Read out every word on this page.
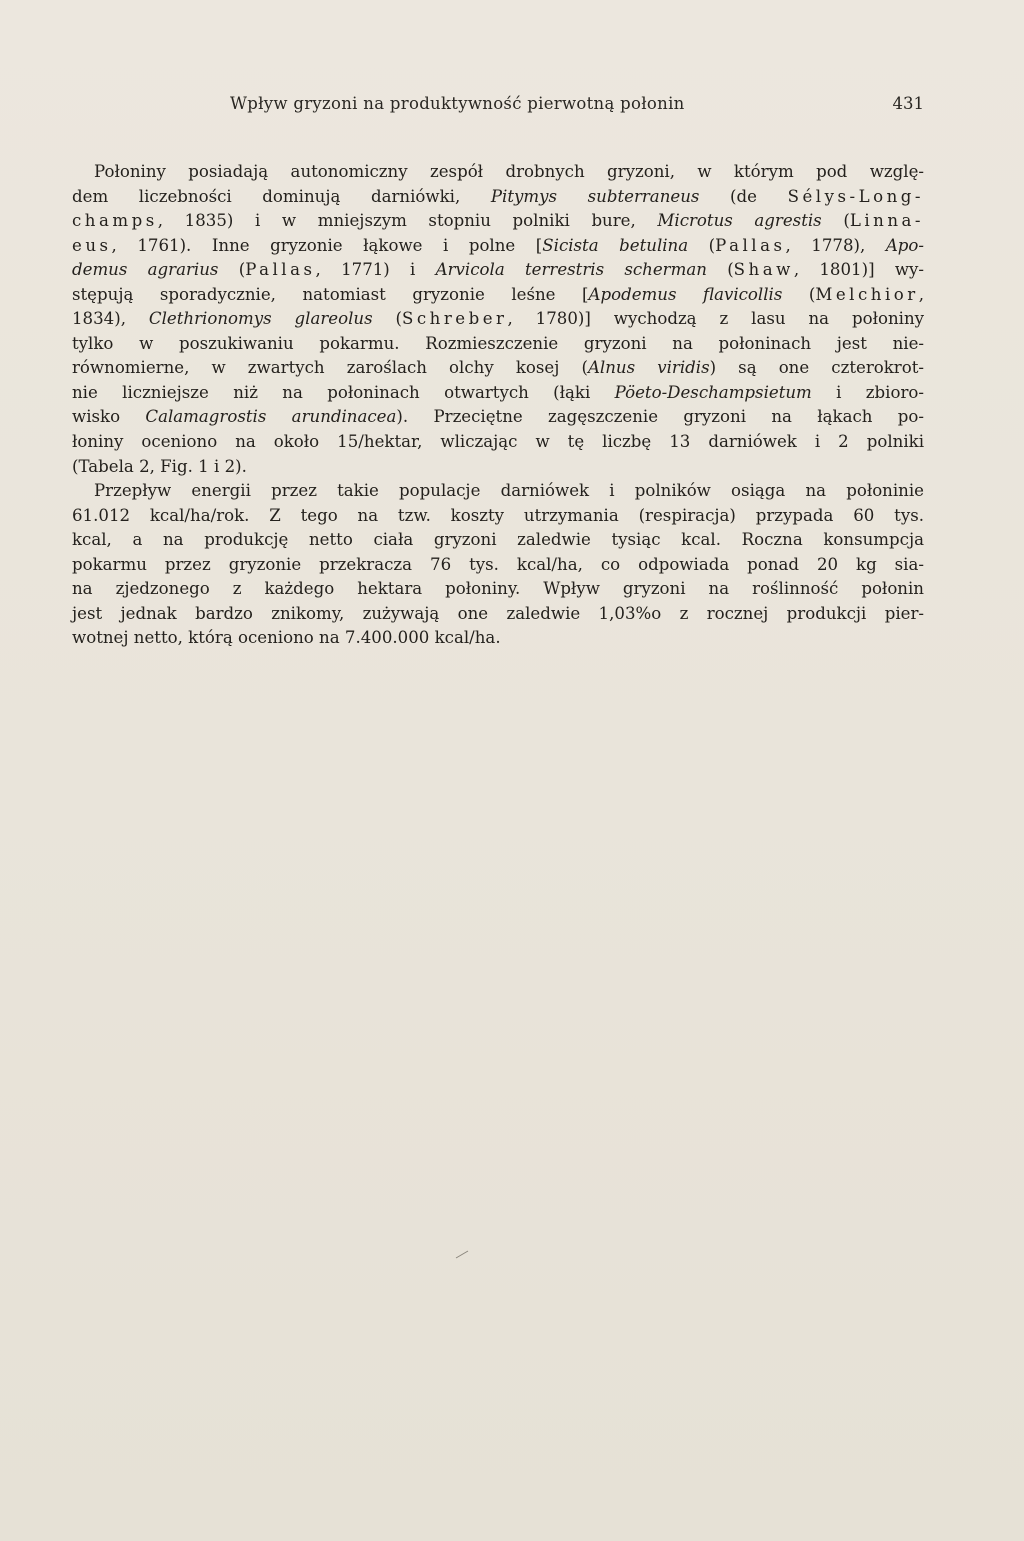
Wpływ gryzoni na produktywność pierwotną połonin	431
Połoniny posiadają autonomiczny zespół drobnych gryzoni, w którym pod wzglę-
dem liczebności dominują darniówki, Pitymys subterraneus (de Sélys-Long-
champs, 1835) i w mniejszym stopniu polniki bure, Microtus agrestis (Linna-
eus, 1761). Inne gryzonie łąkowe i polne [Sicista betulina (Pallas, 1778), Apo-
demus agrarius (Pallas, 1771) i Arvicola terrestris scherman (Shaw, 1801)] wy-
stępują sporadycznie, natomiast gryzonie leśne [Apodemus flavicollis (Melchior,
1834), Clethrionomys glareolus (Schreber, 1780)] wychodzą z lasu na połoniny
tylko w poszukiwaniu pokarmu. Rozmieszczenie gryzoni na połoninach jest nie-
równomierne, w zwartych zaroślach olchy kosej (Alnus viridis) są one czterokrot-
nie liczniejsze niż na połoninach otwartych (łąki Pöeto-Deschampsietum i zbioro-
wisko Calamagrostis arundinacea). Przeciętne zagęszczenie gryzoni na łąkach po-
łoniny oceniono na około 15/hektar, wliczając w tę liczbę 13 darniówek i 2 polniki
(Tabela 2, Fig. 1 i 2).
Przepływ energii przez takie populacje darniówek i polników osiąga na połoninie
61.012 kcal/ha/rok. Z tego na tzw. koszty utrzymania (respiracja) przypada 60 tys.
kcal, a na produkcję netto ciała gryzoni zaledwie tysiąc kcal. Roczna konsumpcja
pokarmu przez gryzonie przekracza 76 tys. kcal/ha, co odpowiada ponad 20 kg sia-
na zjedzonego z każdego hektara połoniny. Wpływ gryzoni na roślinność połonin
jest jednak bardzo znikomy, zużywają one zaledwie 1,03%o z rocznej produkcji pier-
wotnej netto, którą oceniono na 7.400.000 kcal/ha.
